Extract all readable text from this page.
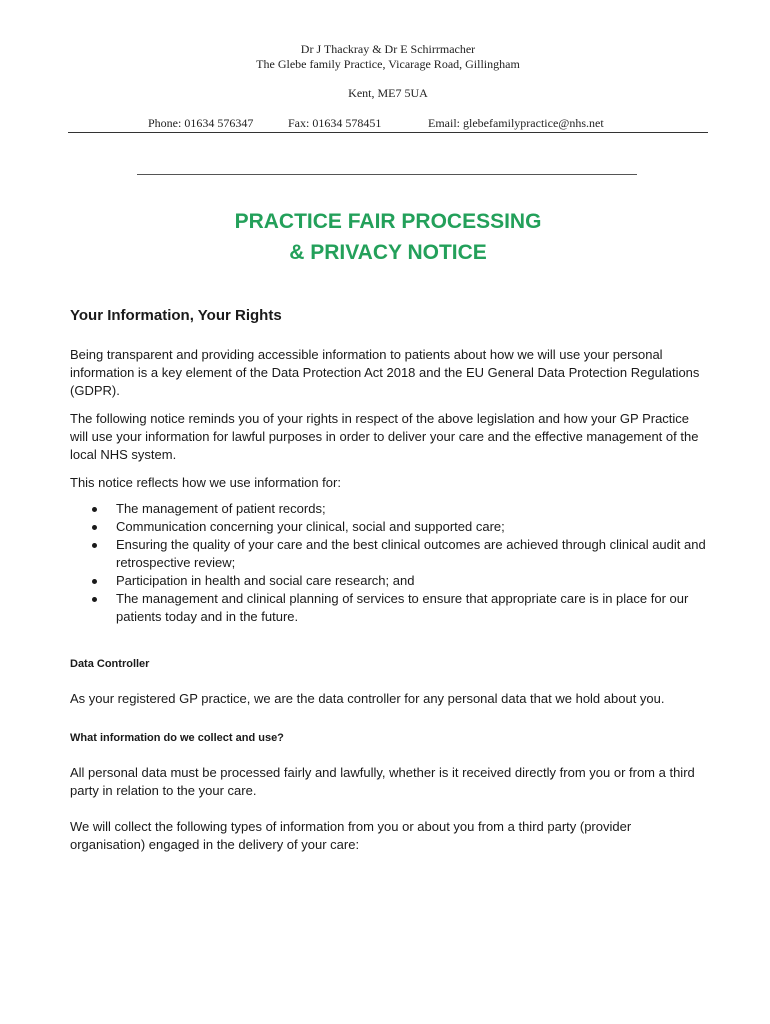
Dr J Thackray & Dr E Schirrmacher
The Glebe family Practice, Vicarage Road, Gillingham
Kent, ME7 5UA
Phone: 01634 576347	Fax: 01634 578451	Email: glebefamilypractice@nhs.net
PRACTICE FAIR PROCESSING
& PRIVACY NOTICE
Your Information, Your Rights

Being transparent and providing accessible information to patients about how we will use your personal information is a key element of the Data Protection Act 2018 and the EU General Data Protection Regulations (GDPR).

The following notice reminds you of your rights in respect of the above legislation and how your GP Practice will use your information for lawful purposes in order to deliver your care and the effective management of the local NHS system.

This notice reflects how we use information for:

The management of patient records;
Communication concerning your clinical, social and supported care;
Ensuring the quality of your care and the best clinical outcomes are achieved through clinical audit and retrospective review;
Participation in health and social care research; and
The management and clinical planning of services to ensure that appropriate care is in place for our patients today and in the future.
Data Controller

As your registered GP practice, we are the data controller for any personal data that we hold about you.

What information do we collect and use?

All personal data must be processed fairly and lawfully, whether is it received directly from you or from a third party in relation to the your care.

We will collect the following types of information from you or about you from a third party (provider organisation) engaged in the delivery of your care:
